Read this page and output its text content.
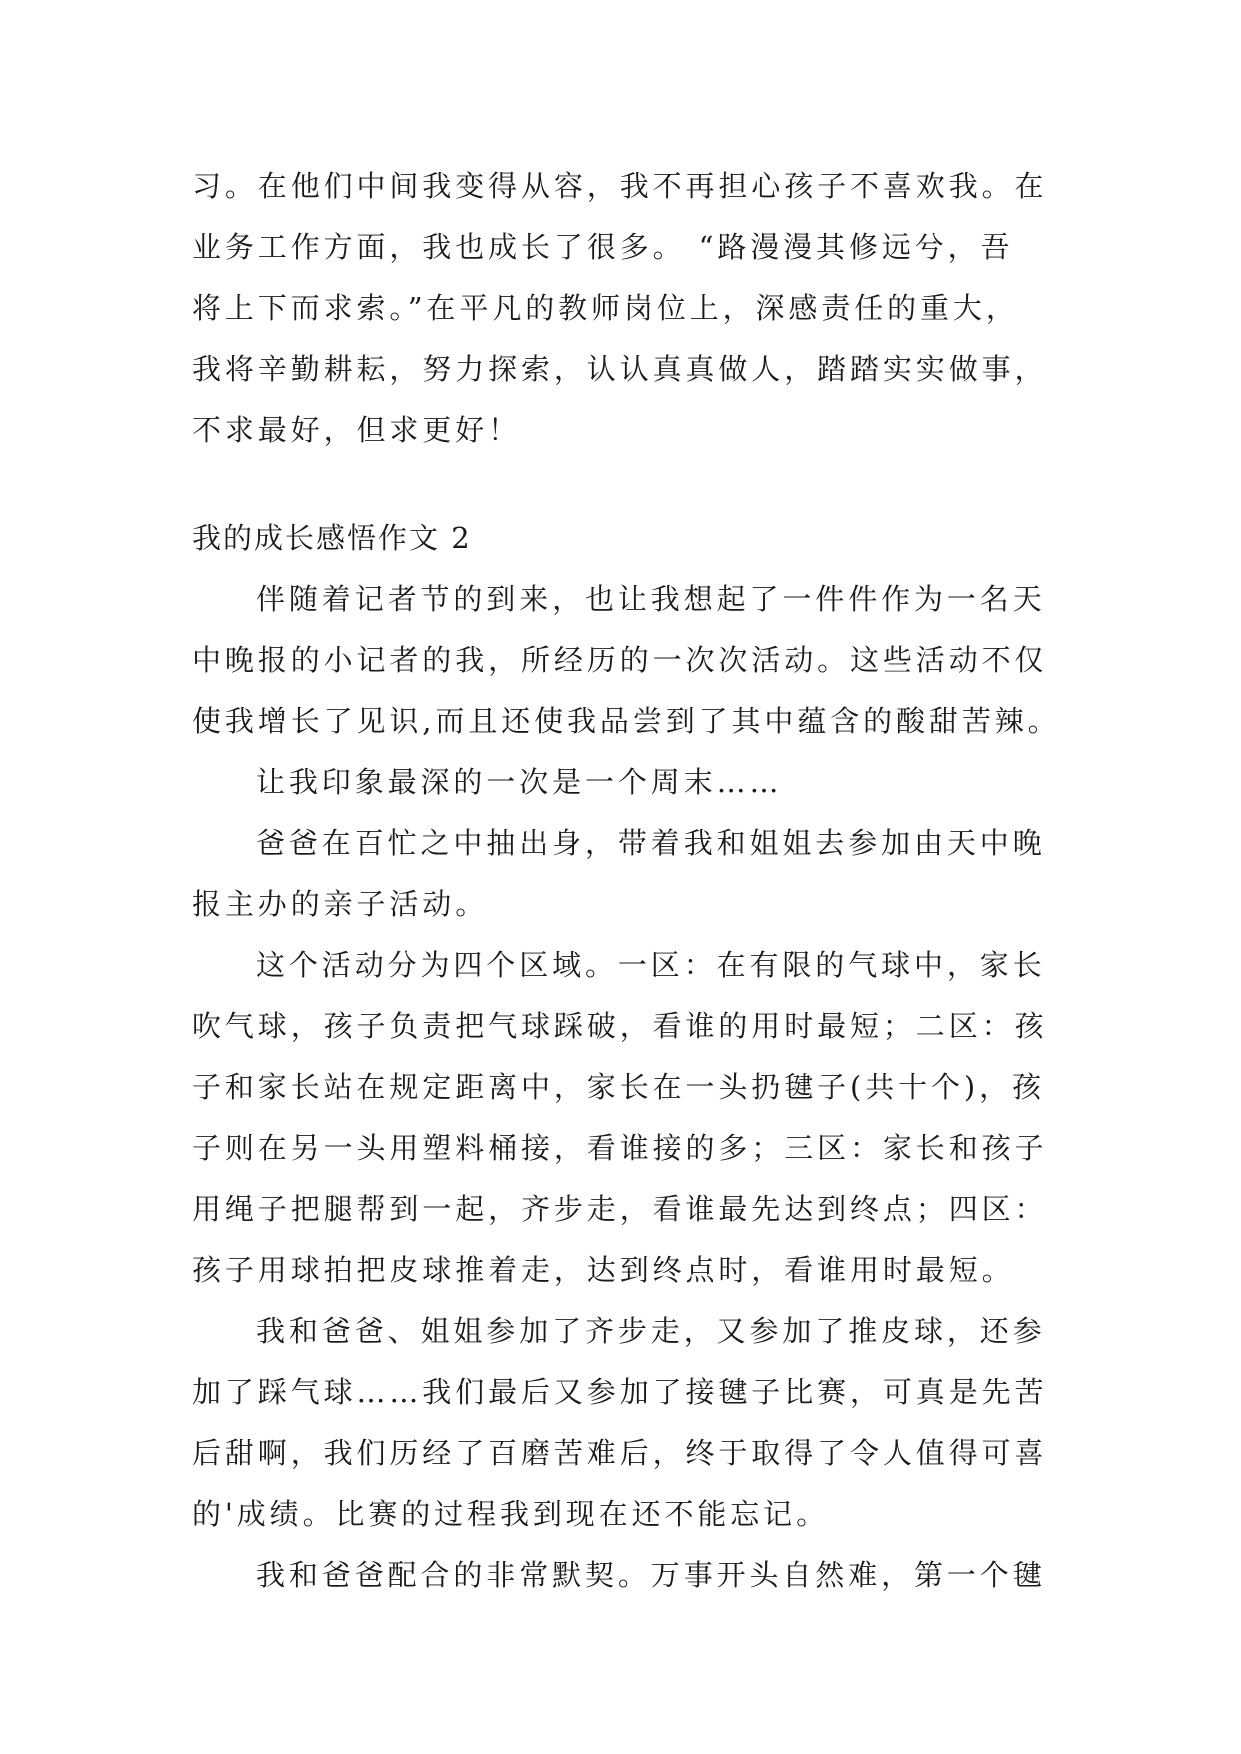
习。在他们中间我变得从容，我不再担心孩子不喜欢我。在
业务工作方面，我也成长了很多。 “路漫漫其修远兮，吾
将上下而求索。”在平凡的教师岗位上，深感责任的重大，
我将辛勤耕耘，努力探索，认认真真做人，踏踏实实做事，
不求最好，但求更好！
我的成长感悟作文 2
伴随着记者节的到来，也让我想起了一件件作为一名天
中晚报的小记者的我，所经历的一次次活动。这些活动不仅
使我增长了见识,而且还使我品尝到了其中蕴含的酸甜苦辣。
让我印象最深的一次是一个周末……
爸爸在百忙之中抽出身，带着我和姐姐去参加由天中晚
报主办的亲子活动。
这个活动分为四个区域。一区：在有限的气球中，家长
吹气球，孩子负责把气球踩破，看谁的用时最短；二区：孩
子和家长站在规定距离中，家长在一头扔毽子(共十个)，孩
子则在另一头用塑料桶接，看谁接的多；三区：家长和孩子
用绳子把腿帮到一起，齐步走，看谁最先达到终点；四区：
孩子用球拍把皮球推着走，达到终点时，看谁用时最短。
我和爸爸、姐姐参加了齐步走，又参加了推皮球，还参
加了踩气球……我们最后又参加了接毽子比赛，可真是先苦
后甜啊，我们历经了百磨苦难后，终于取得了令人值得可喜
的'成绩。比赛的过程我到现在还不能忘记。
我和爸爸配合的非常默契。万事开头自然难，第一个毽
